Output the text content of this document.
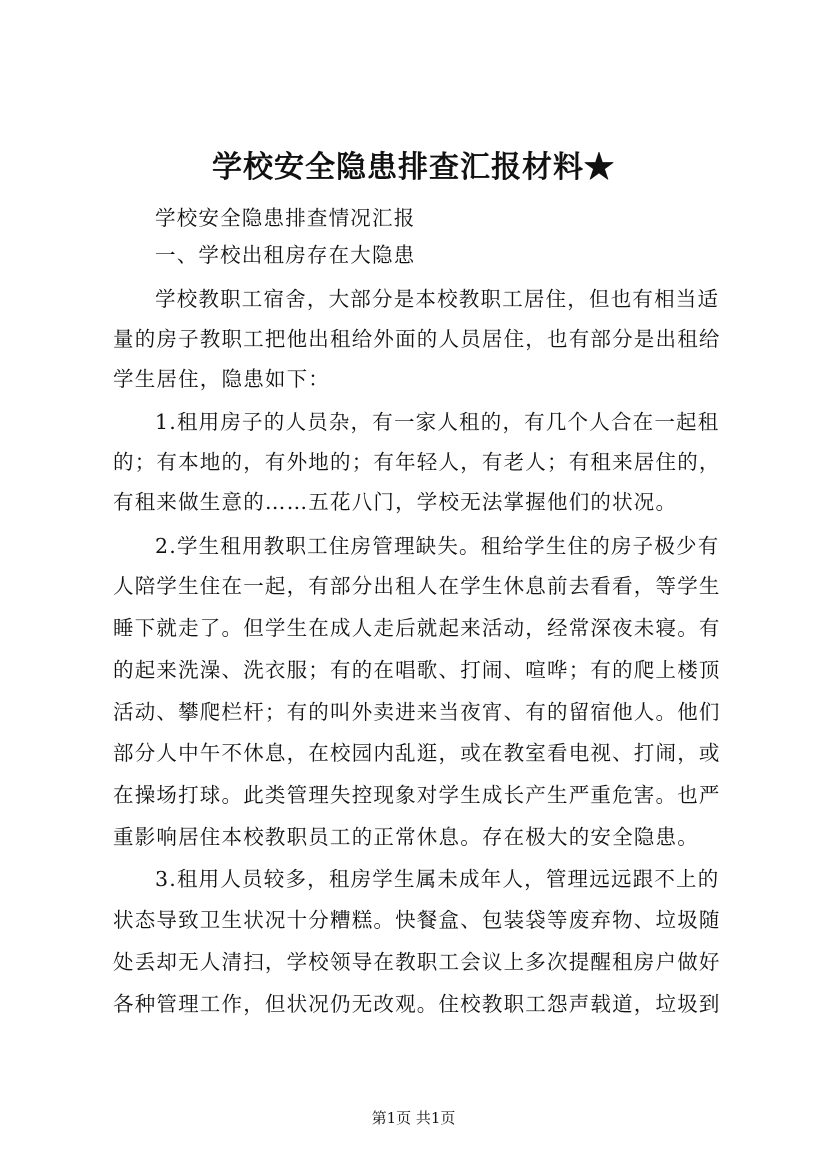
学校安全隐患排查汇报材料★

学校安全隐患排查情况汇报

一、学校出租房存在大隐患

学校教职工宿舍，大部分是本校教职工居住，但也有相当适

量的房子教职工把他出租给外面的人员居住，也有部分是出租给

学生居住，隐患如下：

1.租用房子的人员杂，有一家人租的，有几个人合在一起租

的；有本地的，有外地的；有年轻人，有老人；有租来居住的，

有租来做生意的……五花八门，学校无法掌握他们的状况。

2.学生租用教职工住房管理缺失。租给学生住的房子极少有

人陪学生住在一起，有部分出租人在学生休息前去看看，等学生

睡下就走了。但学生在成人走后就起来活动，经常深夜未寝。有

的起来洗澡、洗衣服；有的在唱歌、打闹、喧哗；有的爬上楼顶

活动、攀爬栏杆；有的叫外卖进来当夜宵、有的留宿他人。他们

部分人中午不休息，在校园内乱逛，或在教室看电视、打闹，或

在操场打球。此类管理失控现象对学生成长产生严重危害。也严

重影响居住本校教职员工的正常休息。存在极大的安全隐患。

3.租用人员较多，租房学生属未成年人，管理远远跟不上的

状态导致卫生状况十分糟糕。快餐盒、包装袋等废弃物、垃圾随

处丢却无人清扫，学校领导在教职工会议上多次提醒租房户做好

各种管理工作，但状况仍无改观。住校教职工怨声载道，垃圾到

第1页 共1页
